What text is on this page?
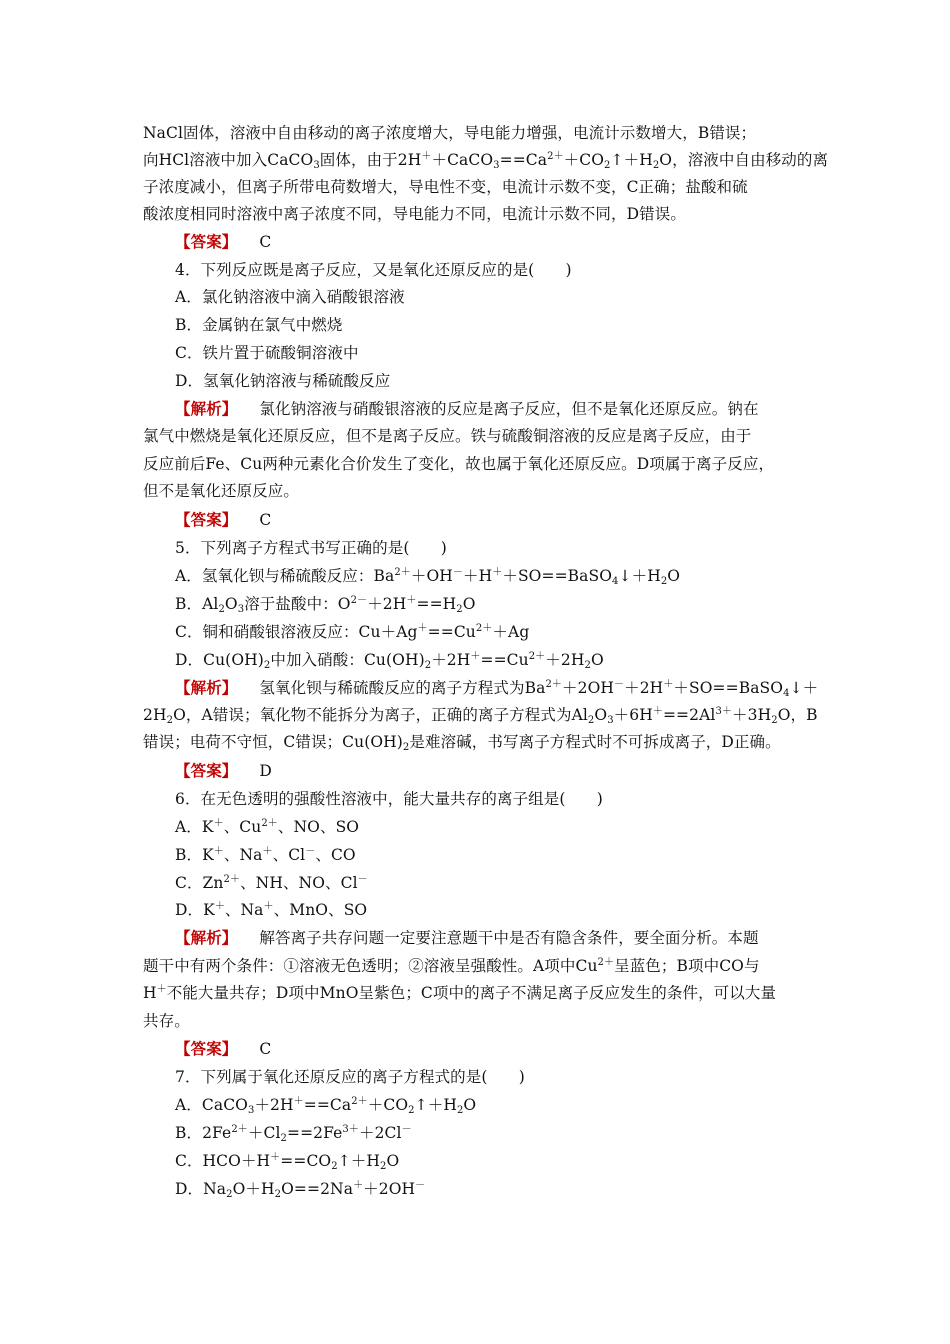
NaCl固体，溶液中自由移动的离子浓度增大，导电能力增强，电流计示数增大，B错误；
向HCl溶液中加入CaCO$_3$固体，由于$2H^++CaCO_3==Ca^{2+}+CO_2↑+H_2O$，溶液中自由移动的离
子浓度减小，但离子所带电荷数增大，导电性不变，电流计示数不变，C正确；盐酸和硫
酸浓度相同时溶液中离子浓度不同，导电能力不同，电流计示数不同，D错误。
【答案】 C
4．下列反应既是离子反应，又是氧化还原反应的是(　　)
A．氯化钠溶液中滴入硝酸银溶液
B．金属钠在氯气中燃烧
C．铁片置于硫酸铜溶液中
D．氢氧化钠溶液与稀硫酸反应
【解析】 氯化钠溶液与硝酸银溶液的反应是离子反应，但不是氧化还原反应。钠在
氯气中燃烧是氧化还原反应，但不是离子反应。铁与硫酸铜溶液的反应是离子反应，由于
反应前后Fe、Cu两种元素化合价发生了变化，故也属于氧化还原反应。D项属于离子反应，
但不是氧化还原反应。
【答案】 C
5．下列离子方程式书写正确的是(　　)
A．氢氧化钡与稀硫酸反应：$Ba^{2+}+OH^-+H^++SO==BaSO_4↓+H_2O$
B．$Al_2O_3$溶于盐酸中：$O^{2-}+2H^+==H_2O$
C．铜和硝酸银溶液反应：$Cu+Ag^+==Cu^{2+}+Ag$
D．$Cu(OH)_2$中加入硝酸：$Cu(OH)_2+2H^+==Cu^{2+}+2H_2O$
【解析】 氢氧化钡与稀硫酸反应的离子方程式为$Ba^{2+}+2OH^-+2H^++SO==BaSO_4↓+$
$2H_2O$，A错误；氧化物不能拆分为离子，正确的离子方程式为$Al_2O_3+6H^+==2Al^{3+}+3H_2O$，B
错误；电荷不守恒，C错误；$Cu(OH)_2$是难溶碱，书写离子方程式时不可拆成离子，D正确。
【答案】 D
6．在无色透明的强酸性溶液中，能大量共存的离子组是(　　)
A．K＋、$Cu^{2+}$、NO、SO
B．K＋、Na＋、Cl－、CO
C．$Zn^{2+}$、NH、NO、Cl－
D．K＋、Na＋、MnO、SO
【解析】 解答离子共存问题一定要注意题干中是否有隐含条件，要全面分析。本题
题干中有两个条件：①溶液无色透明；②溶液呈强酸性。A项中$Cu^{2+}$呈蓝色；B项中CO与
H＋不能大量共存；D项中MnO呈紫色；C项中的离子不满足离子反应发生的条件，可以大量
共存。
【答案】 C
7．下列属于氧化还原反应的离子方程式的是(　　)
A．$CaCO_3+2H^+==Ca^{2+}+CO_2↑+H_2O$
B．$2Fe^{2+}+Cl_2==2Fe^{3+}+2Cl^-$
C．$HCO+H^+==CO_2↑+H_2O$
D．$Na_2O+H_2O==2Na^++2OH^-$
